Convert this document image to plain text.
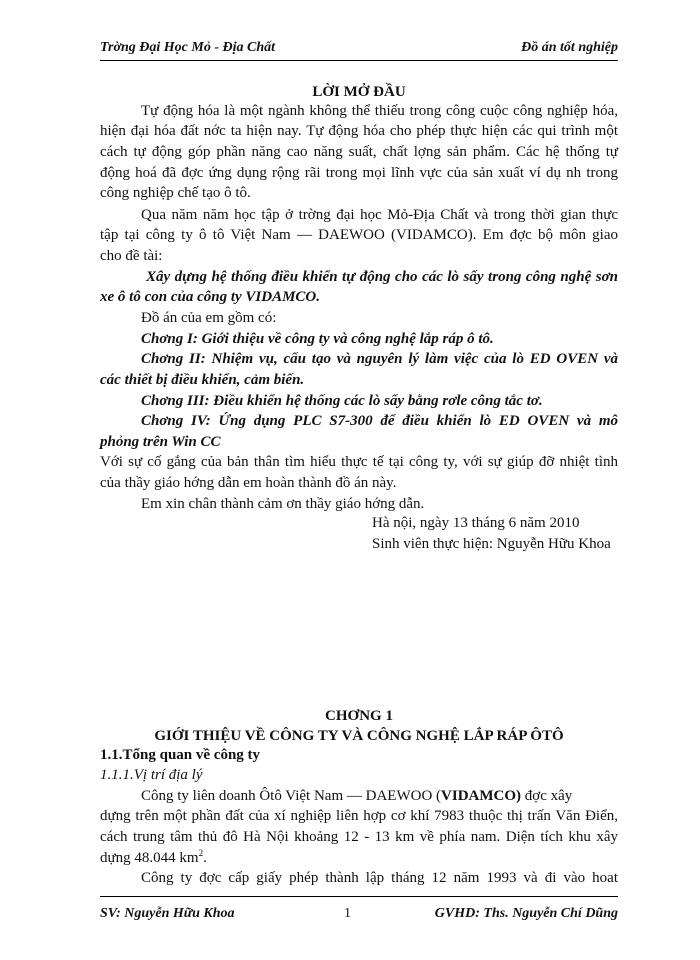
Trờng Đại Học Mỏ - Địa Chất	Đồ án tốt nghiệp
LỜI MỞ ĐẦU
Tự động hóa là một ngành không thể thiếu trong công cuộc công nghiệp hóa,
hiện đại hóa đất nớc ta hiện nay. Tự động hóa cho phép thực hiện các qui trình một
cách tự động góp phần năng cao năng suất, chất lợng sản phẩm. Các hệ thống tự
động hoá đã đợc ứng dụng rộng rãi trong mọi lĩnh vực của sản xuất ví dụ nh trong
công nghiệp chế tạo ô tô.
Qua năm năm học tập ở trờng đại học Mỏ-Địa Chất và trong thời gian thực
tập tại công ty ô tô Việt Nam — DAEWOO (VIDAMCO). Em đợc bộ môn giao
cho đề tài:
Xây dựng hệ thống điều khiển tự động cho các lò sấy trong công nghệ sơn
xe ô tô con của công ty VIDAMCO.
Đồ án của em gồm có:
Chơng I: Giới thiệu về công ty và công nghệ lắp ráp ô tô.
Chơng II: Nhiệm vụ, cấu tạo và nguyên lý làm việc của lò ED OVEN và
các thiết bị điều khiển, cảm biến.
Chơng III: Điều khiển hệ thống các lò sấy bằng rơle công tắc tơ.
Chơng IV: Ứng dụng PLC S7-300 để điều khiển lò ED OVEN và mô
phỏng trên Win CC
Với sự cố gắng của bản thân tìm hiểu thực tế tại công ty, với sự giúp đỡ nhiệt tình
của thầy giáo hớng dẫn em hoàn thành đồ án này.
Em xin chân thành cảm ơn thầy giáo hớng dẫn.
Hà nội, ngày 13 tháng 6 năm 2010
Sinh viên thực hiện: Nguyễn Hữu Khoa
CHƠNG 1
GIỚI THIỆU VỀ CÔNG TY VÀ CÔNG NGHỆ LẮP RÁP ÔTÔ
1.1.Tổng quan về công ty
1.1.1.Vị trí địa lý
Công ty liên doanh Ôtô Việt Nam — DAEWOO (VIDAMCO) đợc xây
dựng trên một phần đất của xí nghiệp liên hợp cơ khí 7983 thuộc thị trấn Văn Điển,
cách trung tâm thủ đô Hà Nội khoảng 12 - 13 km về phía nam. Diện tích khu xây
dựng 48.044 $km^2$.
Công ty đợc cấp giấy phép thành lập tháng 12 năm 1993 và đi vào hoat
SV: Nguyễn Hữu Khoa	1	GVHD: Ths. Nguyễn Chí Dũng
